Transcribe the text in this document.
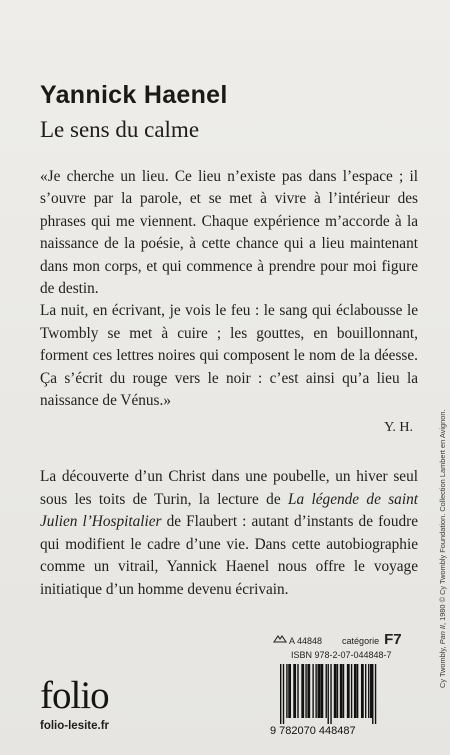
Yannick Haenel
Le sens du calme

«Je cherche un lieu. Ce lieu n’existe pas dans l’espace ; il s’ouvre par la parole, et se met à vivre à l’intérieur des phrases qui me viennent. Chaque expérience m’accorde à la naissance de la poésie, à cette chance qui a lieu maintenant dans mon corps, et qui commence à prendre pour moi figure de destin.

La nuit, en écrivant, je vois le feu : le sang qui éclabousse le Twombly se met à cuire ; les gouttes, en bouillonnant, forment ces lettres noires qui composent le nom de la déesse. Ça s’écrit du rouge vers le noir : c’est ainsi qu’a lieu la naissance de Vénus.»

Y. H.

La découverte d’un Christ dans une poubelle, un hiver seul sous les toits de Turin, la lecture de La légende de saint Julien l’Hospitalier de Flaubert : autant d’instants de foudre qui modifient le cadre d’une vie. Dans cette autobiographie comme un vitrail, Yannick Haenel nous offre le voyage initiatique d’un homme devenu écrivain.

Cy Twombly, Pan II, 1980 © Cy Twombly Foundation. Collection Lambert en Avignon.
A 44848 catégorie F7
ISBN 978-2-07-044848-7
9 782070 448487
folio
folio-lesite.fr
